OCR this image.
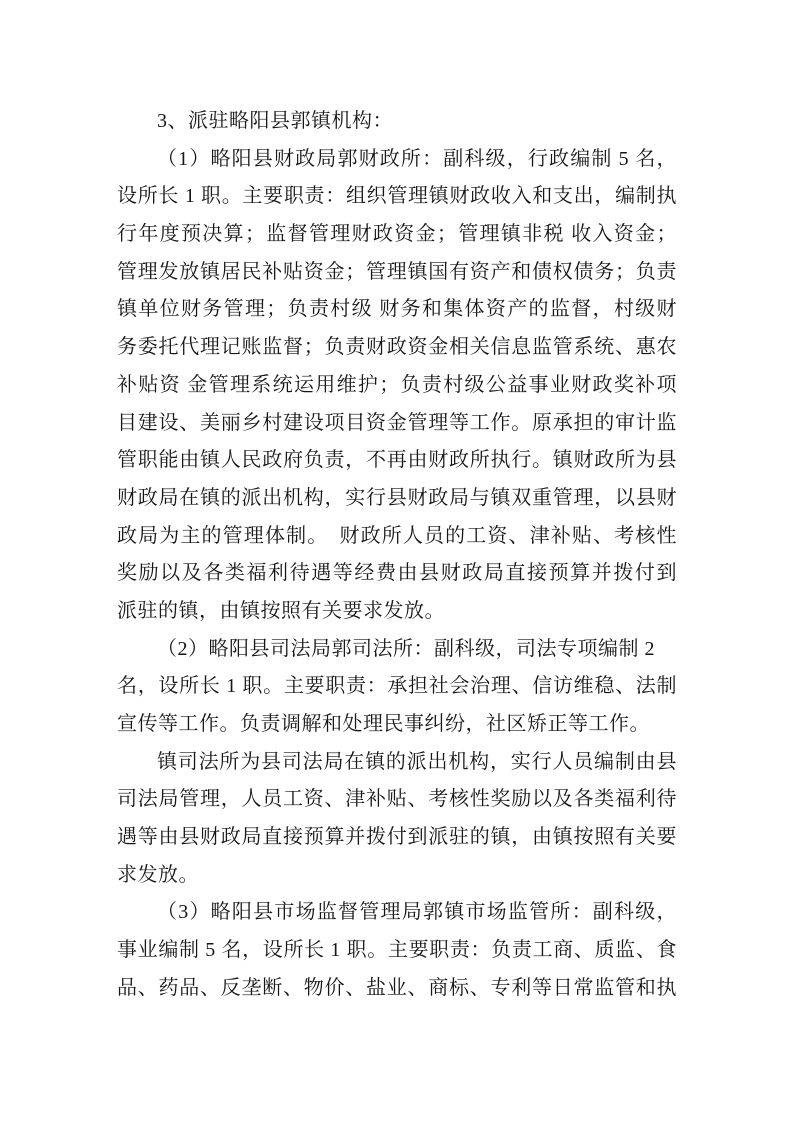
3、派驻略阳县郭镇机构：

（1）略阳县财政局郭财政所：副科级，行政编制 5 名，

设所长 1 职。主要职责：组织管理镇财政收入和支出，编制执

行年度预决算；监督管理财政资金；管理镇非税 收入资金；

管理发放镇居民补贴资金；管理镇国有资产和债权债务；负责

镇单位财务管理；负责村级 财务和集体资产的监督，村级财

务委托代理记账监督；负责财政资金相关信息监管系统、惠农

补贴资 金管理系统运用维护；负责村级公益事业财政奖补项

目建设、美丽乡村建设项目资金管理等工作。原承担的审计监

管职能由镇人民政府负责，不再由财政所执行。镇财政所为县

财政局在镇的派出机构，实行县财政局与镇双重管理，以县财

政局为主的管理体制。　财政所人员的工资、津补贴、考核性

奖励以及各类福利待遇等经费由县财政局直接预算并拨付到

派驻的镇，由镇按照有关要求发放。

（2）略阳县司法局郭司法所：副科级，司法专项编制 2

名，设所长 1 职。主要职责：承担社会治理、信访维稳、法制

宣传等工作。负责调解和处理民事纠纷，社区矫正等工作。

镇司法所为县司法局在镇的派出机构，实行人员编制由县

司法局管理，人员工资、津补贴、考核性奖励以及各类福利待

遇等由县财政局直接预算并拨付到派驻的镇，由镇按照有关要

求发放。

（3）略阳县市场监督管理局郭镇市场监管所：副科级，

事业编制 5 名，设所长 1 职。主要职责：负责工商、质监、食

品、药品、反垄断、物价、盐业、商标、专利等日常监管和执
